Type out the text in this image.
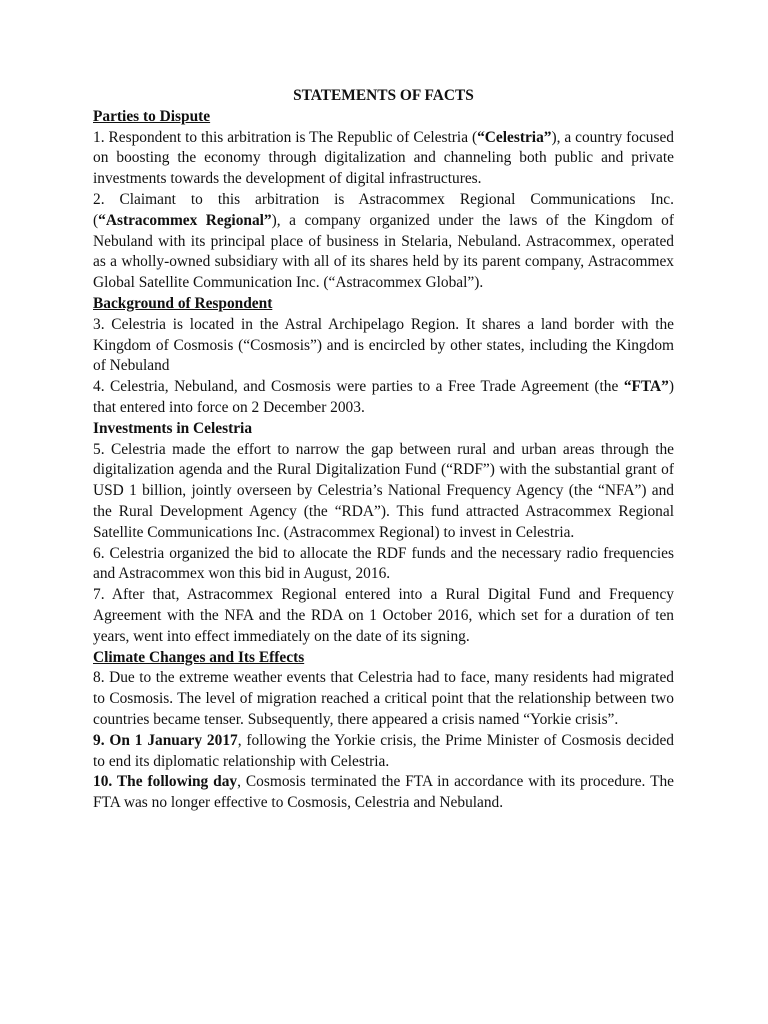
STATEMENTS OF FACTS

Parties to Dispute

1. Respondent to this arbitration is The Republic of Celestria (“Celestria”), a country focused on boosting the economy through digitalization and channeling both public and private investments towards the development of digital infrastructures.

2. Claimant to this arbitration is Astracommex Regional Communications Inc. (“Astracommex Regional”), a company organized under the laws of the Kingdom of Nebuland with its principal place of business in Stelaria, Nebuland. Astracommex, operated as a wholly-owned subsidiary with all of its shares held by its parent company, Astracommex Global Satellite Communication Inc. (“Astracommex Global”).

Background of Respondent

3. Celestria is located in the Astral Archipelago Region. It shares a land border with the Kingdom of Cosmosis (“Cosmosis”) and is encircled by other states, including the Kingdom of Nebuland

4. Celestria, Nebuland, and Cosmosis were parties to a Free Trade Agreement (the “FTA”) that entered into force on 2 December 2003.

Investments in Celestria

5. Celestria made the effort to narrow the gap between rural and urban areas through the digitalization agenda and the Rural Digitalization Fund (“RDF”) with the substantial grant of USD 1 billion, jointly overseen by Celestria’s National Frequency Agency (the “NFA”) and the Rural Development Agency (the “RDA”). This fund attracted Astracommex Regional Satellite Communications Inc. (Astracommex Regional) to invest in Celestria.

6. Celestria organized the bid to allocate the RDF funds and the necessary radio frequencies and Astracommex won this bid in August, 2016.

7. After that, Astracommex Regional entered into a Rural Digital Fund and Frequency Agreement with the NFA and the RDA on 1 October 2016, which set for a duration of ten years, went into effect immediately on the date of its signing.

Climate Changes and Its Effects

8. Due to the extreme weather events that Celestria had to face, many residents had migrated to Cosmosis. The level of migration reached a critical point that the relationship between two countries became tenser. Subsequently, there appeared a crisis named “Yorkie crisis”.

9. On 1 January 2017, following the Yorkie crisis, the Prime Minister of Cosmosis decided to end its diplomatic relationship with Celestria.

10. The following day, Cosmosis terminated the FTA in accordance with its procedure. The FTA was no longer effective to Cosmosis, Celestria and Nebuland.
